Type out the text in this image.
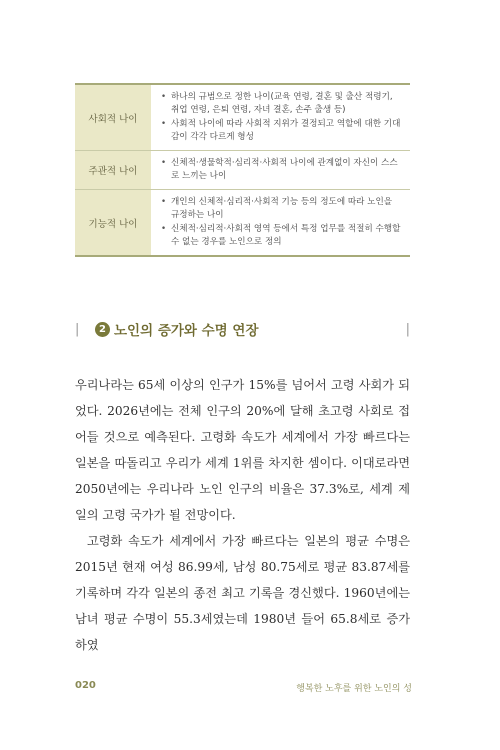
사회적 나이
• 하나의 규범으로 정한 나이(교육 연령, 결혼 및 출산 적령기, 취업 연령, 은퇴 연령, 자녀 결혼, 손주 출생 등)
• 사회적 나이에 따라 사회적 지위가 결정되고 역할에 대한 기대감이 각각 다르게 형성
주관적 나이
• 신체적·생물학적·심리적·사회적 나이에 관계없이 자신이 스스로 느끼는 나이
기능적 나이
• 개인의 신체적·심리적·사회적 기능 등의 정도에 따라 노인을 규정하는 나이
• 신체적·심리적·사회적 영역 등에서 특정 업무를 적절히 수행할 수 없는 경우를 노인으로 정의
|	2 노인의 증가와 수명 연장	|

우리나라는 65세 이상의 인구가 15%를 넘어서 고령 사회가 되었다. 2026년에는 전체 인구의 20%에 달해 초고령 사회로 접어들 것으로 예측된다. 고령화 속도가 세계에서 가장 빠르다는 일본을 따돌리고 우리가 세계 1위를 차지한 셈이다. 이대로라면 2050년에는 우리나라 노인 인구의 비율은 37.3%로, 세계 제일의 고령 국가가 될 전망이다.

고령화 속도가 세계에서 가장 빠르다는 일본의 평균 수명은 2015년 현재 여성 86.99세, 남성 80.75세로 평균 83.87세를 기록하며 각각 일본의 종전 최고 기록을 경신했다. 1960년에는 남녀 평균 수명이 55.3세였는데 1980년 들어 65.8세로 증가하였

020	행복한 노후를 위한 노인의 성
